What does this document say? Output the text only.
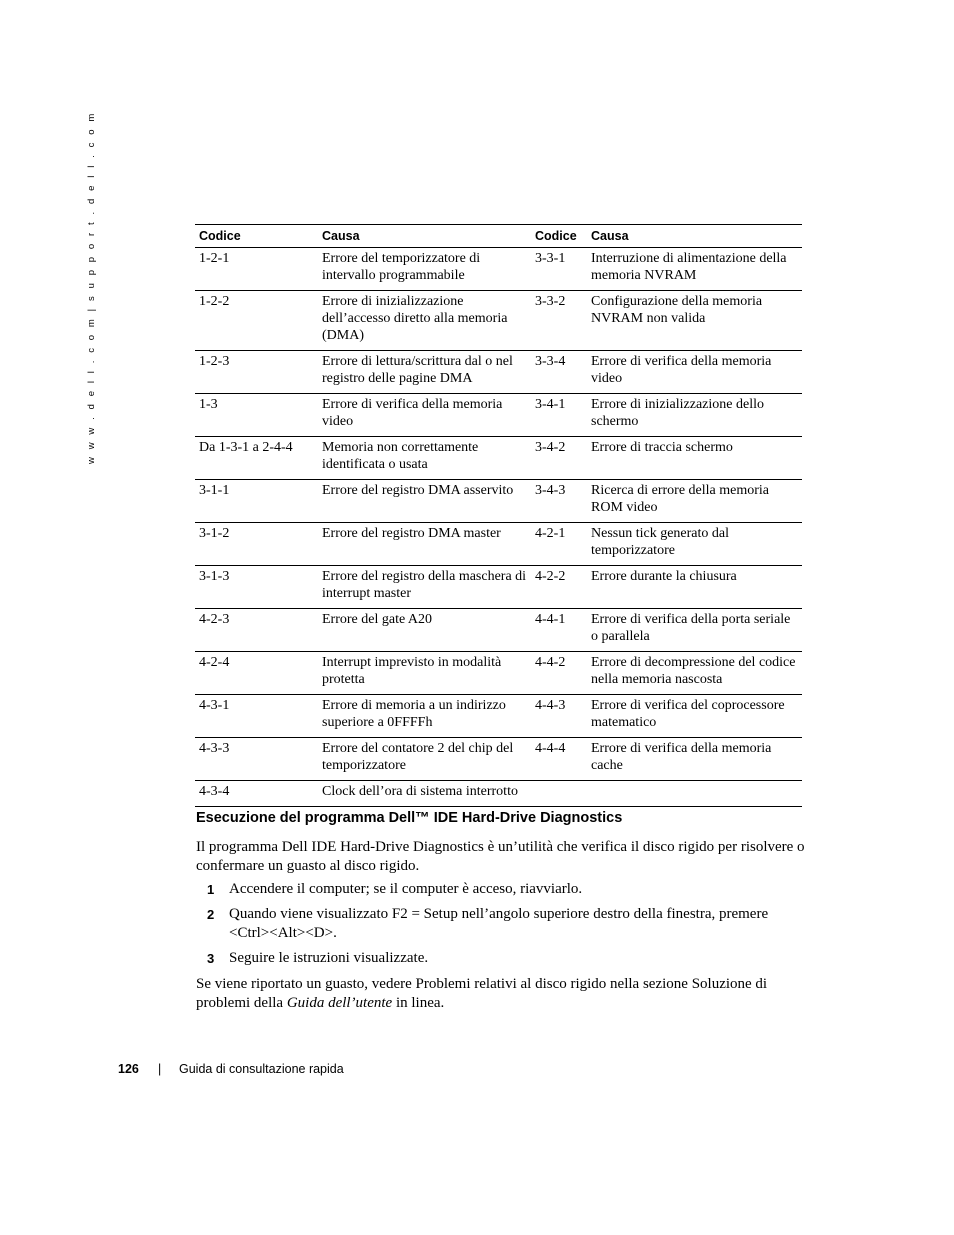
w w w . d e l l . c o m | s u p p o r t . d e l l . c o m	Codice	Causa	Codice	Causa
1-2-1	Errore del temporizzatore di intervallo programmabile	3-3-1	Interruzione di alimentazione della memoria NVRAM
1-2-2	Errore di inizializzazione dell’accesso diretto alla memoria (DMA)	3-3-2	Configurazione della memoria NVRAM non valida
1-2-3	Errore di lettura/scrittura dal o nel registro delle pagine DMA	3-3-4	Errore di verifica della memoria video
1-3	Errore di verifica della memoria video	3-4-1	Errore di inizializzazione dello schermo
Da 1-3-1 a 2-4-4	Memoria non correttamente identificata o usata	3-4-2	Errore di traccia schermo
3-1-1	Errore del registro DMA asservito	3-4-3	Ricerca di errore della memoria ROM video
3-1-2	Errore del registro DMA master	4-2-1	Nessun tick generato dal temporizzatore
3-1-3	Errore del registro della maschera di interrupt master	4-2-2	Errore durante la chiusura
4-2-3	Errore del gate A20	4-4-1	Errore di verifica della porta seriale o parallela
4-2-4	Interrupt imprevisto in modalità protetta	4-4-2	Errore di decompressione del codice nella memoria nascosta
4-3-1	Errore di memoria a un indirizzo superiore a 0FFFFh	4-4-3	Errore di verifica del coprocessore matematico
4-3-3	Errore del contatore 2 del chip del temporizzatore	4-4-4	Errore di verifica della memoria cache
4-3-4	Clock dell’ora di sistema interrotto		
Esecuzione del programma Dell™ IDE Hard-Drive Diagnostics

Il programma Dell IDE Hard-Drive Diagnostics è un’utilità che verifica il disco rigido per risolvere o confermare un guasto al disco rigido.

1 Accendere il computer; se il computer è acceso, riavviarlo.
2 Quando viene visualizzato F2 = Setup nell’angolo superiore destro della finestra, premere <Ctrl><Alt><D>.
3 Seguire le istruzioni visualizzate.

Se viene riportato un guasto, vedere Problemi relativi al disco rigido nella sezione Soluzione di problemi della Guida dell’utente in linea.

126 | Guida di consultazione rapida
